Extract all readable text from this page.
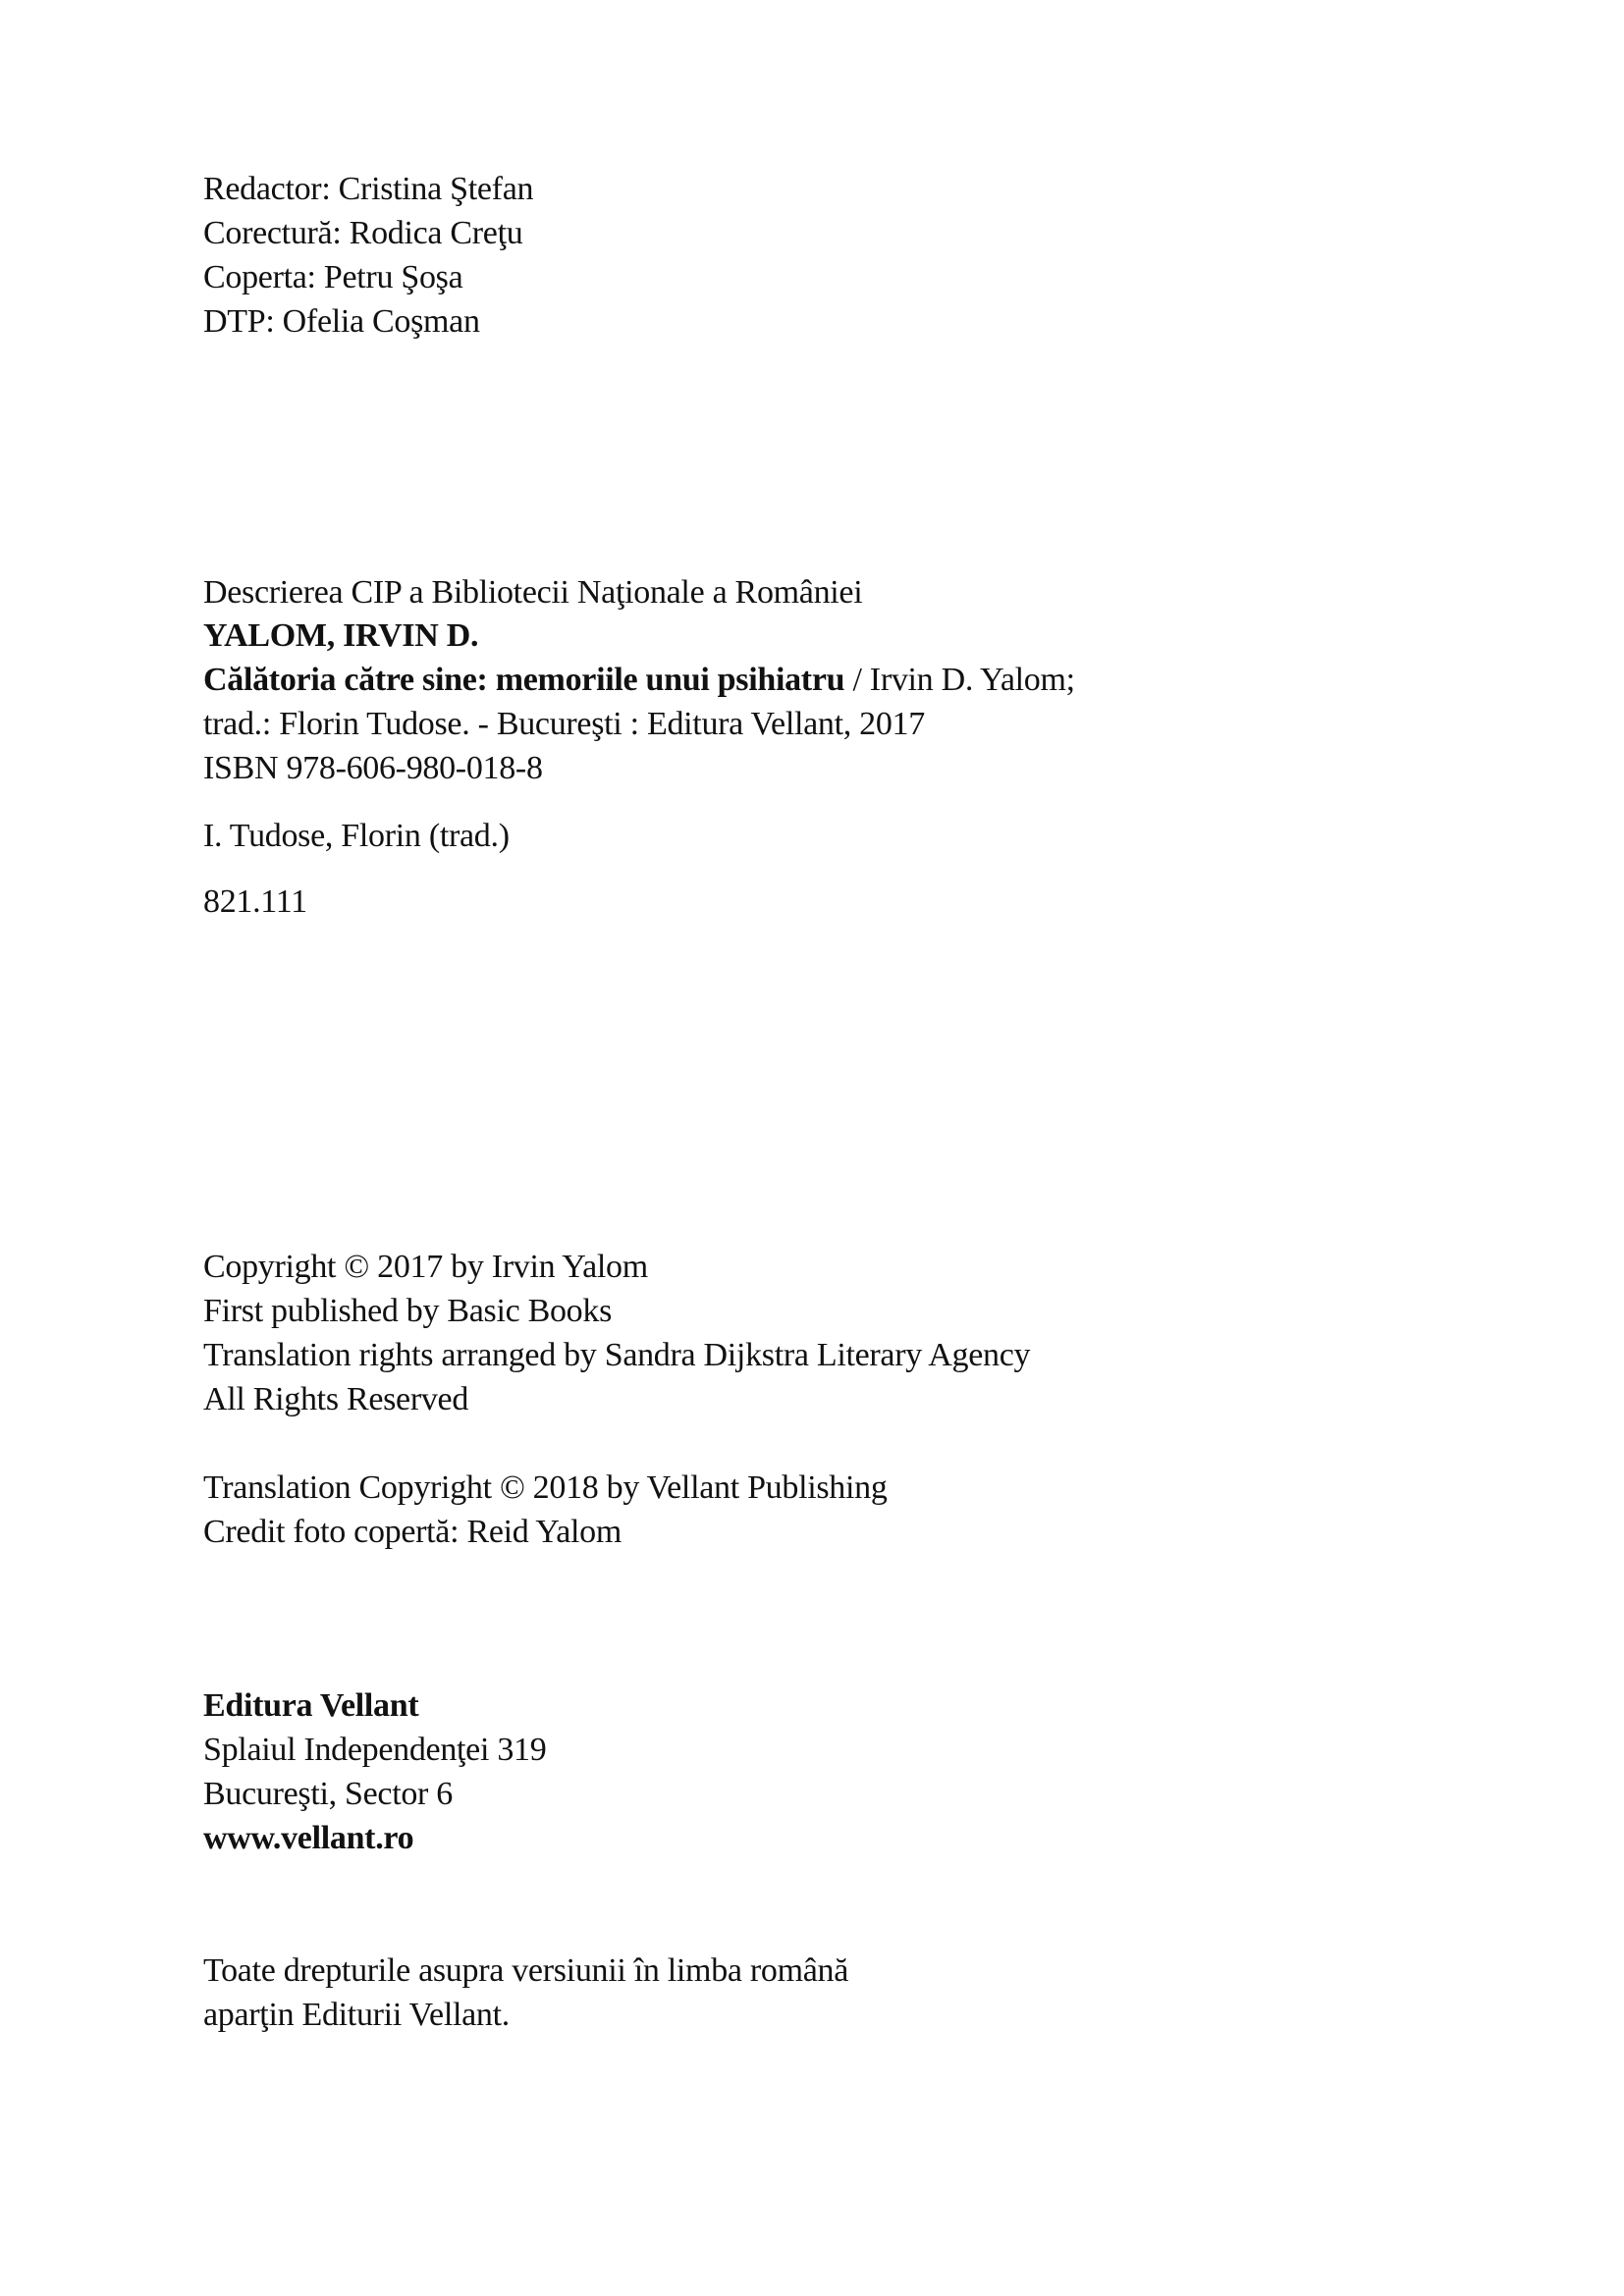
Redactor: Cristina Ştefan
Corectură: Rodica Creţu
Coperta: Petru Şoşa
DTP: Ofelia Coşman
Descrierea CIP a Bibliotecii Naţionale a României
YALOM, IRVIN D.
Călătoria către sine: memoriile unui psihiatru / Irvin D. Yalom;
trad.: Florin Tudose. - Bucureşti : Editura Vellant, 2017
ISBN 978-606-980-018-8
I. Tudose, Florin (trad.)
821.111
Copyright © 2017 by Irvin Yalom
First published by Basic Books
Translation rights arranged by Sandra Dijkstra Literary Agency
All Rights Reserved
Translation Copyright © 2018 by Vellant Publishing
Credit foto copertă: Reid Yalom
Editura Vellant
Splaiul Independenţei 319
Bucureşti, Sector 6
www.vellant.ro
Toate drepturile asupra versiunii în limba română
aparţin Editurii Vellant.
